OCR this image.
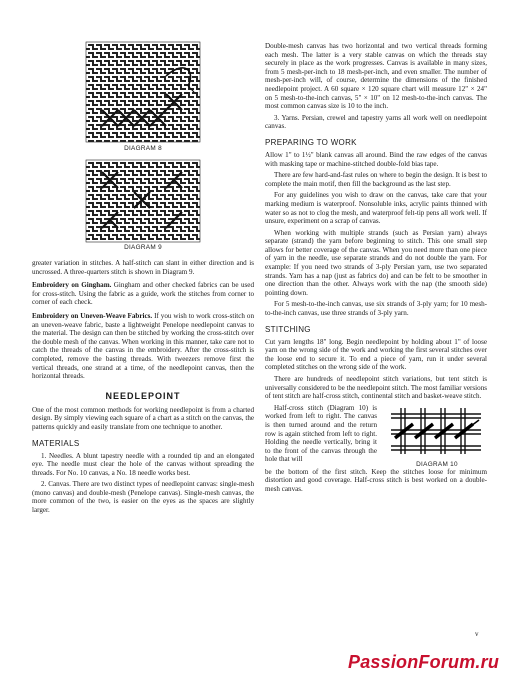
DIAGRAM 8
DIAGRAM 9

greater variation in stitches. A half-stitch can slant in either direction and is uncrossed. A three-quarters stitch is shown in Diagram 9.

Embroidery on Gingham. Gingham and other checked fabrics can be used for cross-stitch. Using the fabric as a guide, work the stitches from corner to corner of each check.

Embroidery on Uneven-Weave Fabrics. If you wish to work cross-stitch on an uneven-weave fabric, baste a lightweight Penelope needlepoint canvas to the material. The design can then be stitched by working the cross-stitch over the double mesh of the canvas. When working in this manner, take care not to catch the threads of the canvas in the embroidery. After the cross-stitch is completed, remove the basting threads. With tweezers remove first the vertical threads, one strand at a time, of the needlepoint canvas, then the horizontal threads.

NEEDLEPOINT

One of the most common methods for working needlepoint is from a charted design. By simply viewing each square of a chart as a stitch on the canvas, the patterns quickly and easily translate from one technique to another.

MATERIALS

1. Needles. A blunt tapestry needle with a rounded tip and an elongated eye. The needle must clear the hole of the canvas without spreading the threads. For No. 10 canvas, a No. 18 needle works best.

2. Canvas. There are two distinct types of needlepoint canvas: single-mesh (mono canvas) and double-mesh (Penelope canvas). Single-mesh canvas, the more common of the two, is easier on the eyes as the spaces are slightly larger.

Double-mesh canvas has two horizontal and two vertical threads forming each mesh. The latter is a very stable canvas on which the threads stay securely in place as the work progresses. Canvas is available in many sizes, from 5 mesh-per-inch to 18 mesh-per-inch, and even smaller. The number of mesh-per-inch will, of course, determine the dimensions of the finished needlepoint project. A 60 square × 120 square chart will measure 12" × 24" on 5 mesh-to-the-inch canvas, 5" × 10" on 12 mesh-to-the-inch canvas. The most common canvas size is 10 to the inch.

3. Yarns. Persian, crewel and tapestry yarns all work well on needlepoint canvas.

PREPARING TO WORK

Allow 1" to 1½" blank canvas all around. Bind the raw edges of the canvas with masking tape or machine-stitched double-fold bias tape.

There are few hard-and-fast rules on where to begin the design. It is best to complete the main motif, then fill the background as the last step.

For any guidelines you wish to draw on the canvas, take care that your marking medium is waterproof. Nonsoluble inks, acrylic paints thinned with water so as not to clog the mesh, and waterproof felt-tip pens all work well. If unsure, experiment on a scrap of canvas.

When working with multiple strands (such as Persian yarn) always separate (strand) the yarn before beginning to stitch. This one small step allows for better coverage of the canvas. When you need more than one piece of yarn in the needle, use separate strands and do not double the yarn. For example: If you need two strands of 3-ply Persian yarn, use two separated strands. Yarn has a nap (just as fabrics do) and can be felt to be smoother in one direction than the other. Always work with the nap (the smooth side) pointing down.

For 5 mesh-to-the-inch canvas, use six strands of 3-ply yarn; for 10 mesh-to-the-inch canvas, use three strands of 3-ply yarn.

STITCHING

Cut yarn lengths 18" long. Begin needlepoint by holding about 1" of loose yarn on the wrong side of the work and working the first several stitches over the loose end to secure it. To end a piece of yarn, run it under several completed stitches on the wrong side of the work.

There are hundreds of needlepoint stitch variations, but tent stitch is universally considered to be the needlepoint stitch. The most familiar versions of tent stitch are half-cross stitch, continental stitch and basket-weave stitch.

DIAGRAM 10

Half-cross stitch (Diagram 10) is worked from left to right. The canvas is then turned around and the return row is again stitched from left to right. Holding the needle vertically, bring it to the front of the canvas through the hole that will

be the bottom of the first stitch. Keep the stitches loose for minimum distortion and good coverage. Half-cross stitch is best worked on a double-mesh canvas.

v
PassionForum.ru
